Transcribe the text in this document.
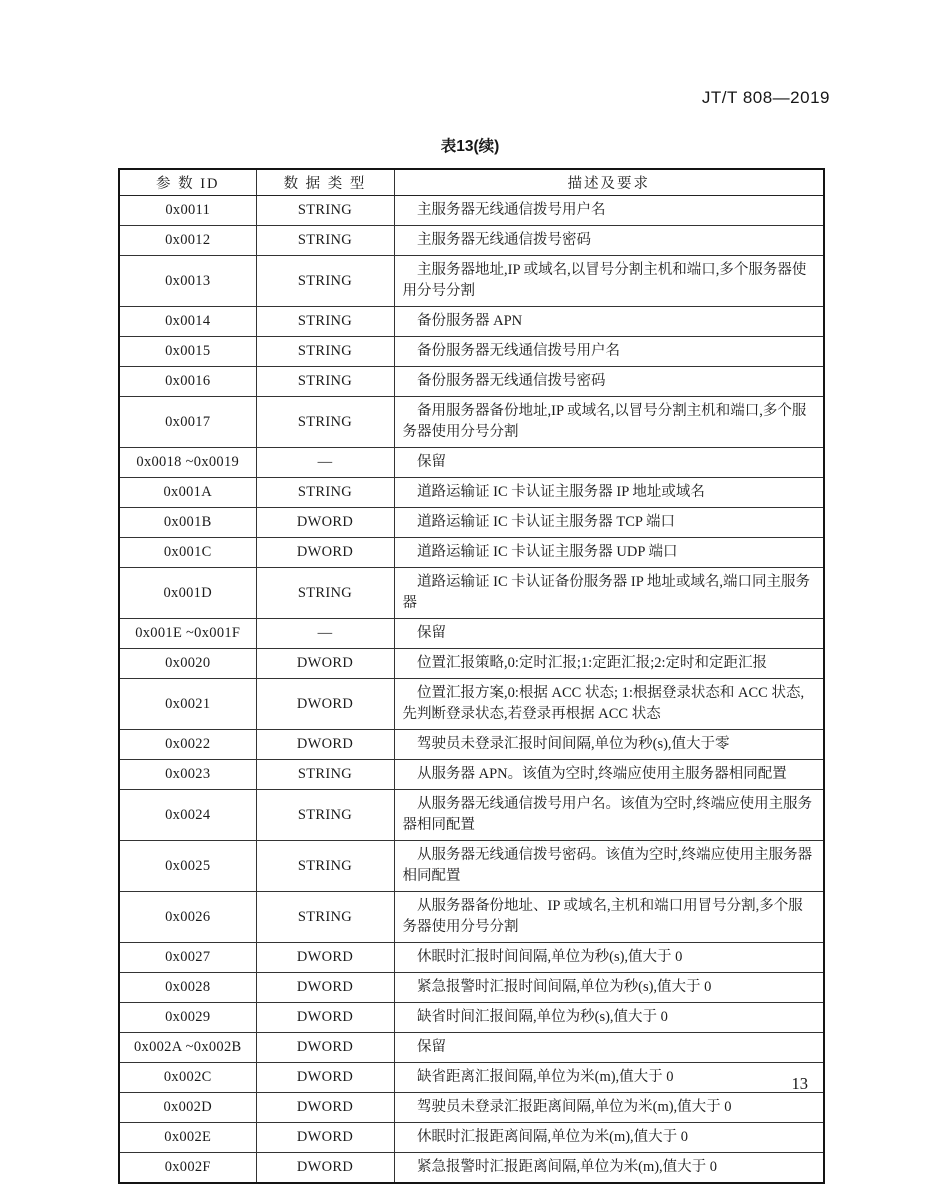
JT/T 808—2019
表13(续)
参 数 ID	数 据 类 型	描述及要求
0x0011	STRING	主服务器无线通信拨号用户名

0x0012	STRING	主服务器无线通信拨号密码

0x0013	STRING	主服务器地址,IP 或域名,以冒号分割主机和端口,多个服务器使用分号分割

0x0014	STRING	备份服务器 APN

0x0015	STRING	备份服务器无线通信拨号用户名

0x0016	STRING	备份服务器无线通信拨号密码

0x0017	STRING	备用服务器备份地址,IP 或域名,以冒号分割主机和端口,多个服务器使用分号分割

0x0018 ~0x0019	—	保留

0x001A	STRING	道路运输证 IC 卡认证主服务器 IP 地址或域名

0x001B	DWORD	道路运输证 IC 卡认证主服务器 TCP 端口

0x001C	DWORD	道路运输证 IC 卡认证主服务器 UDP 端口

0x001D	STRING	道路运输证 IC 卡认证备份服务器 IP 地址或域名,端口同主服务器

0x001E ~0x001F	—	保留

0x0020	DWORD	位置汇报策略,0:定时汇报;1:定距汇报;2:定时和定距汇报

0x0021	DWORD	位置汇报方案,0:根据 ACC 状态; 1:根据登录状态和 ACC 状态,先判断登录状态,若登录再根据 ACC 状态

0x0022	DWORD	驾驶员未登录汇报时间间隔,单位为秒(s),值大于零

0x0023	STRING	从服务器 APN。该值为空时,终端应使用主服务器相同配置

0x0024	STRING	从服务器无线通信拨号用户名。该值为空时,终端应使用主服务器相同配置

0x0025	STRING	从服务器无线通信拨号密码。该值为空时,终端应使用主服务器相同配置

0x0026	STRING	从服务器备份地址、IP 或域名,主机和端口用冒号分割,多个服务器使用分号分割

0x0027	DWORD	休眠时汇报时间间隔,单位为秒(s),值大于 0

0x0028	DWORD	紧急报警时汇报时间间隔,单位为秒(s),值大于 0

0x0029	DWORD	缺省时间汇报间隔,单位为秒(s),值大于 0

0x002A ~0x002B	DWORD	保留

0x002C	DWORD	缺省距离汇报间隔,单位为米(m),值大于 0

0x002D	DWORD	驾驶员未登录汇报距离间隔,单位为米(m),值大于 0

0x002E	DWORD	休眠时汇报距离间隔,单位为米(m),值大于 0

0x002F	DWORD	紧急报警时汇报距离间隔,单位为米(m),值大于 0
13
